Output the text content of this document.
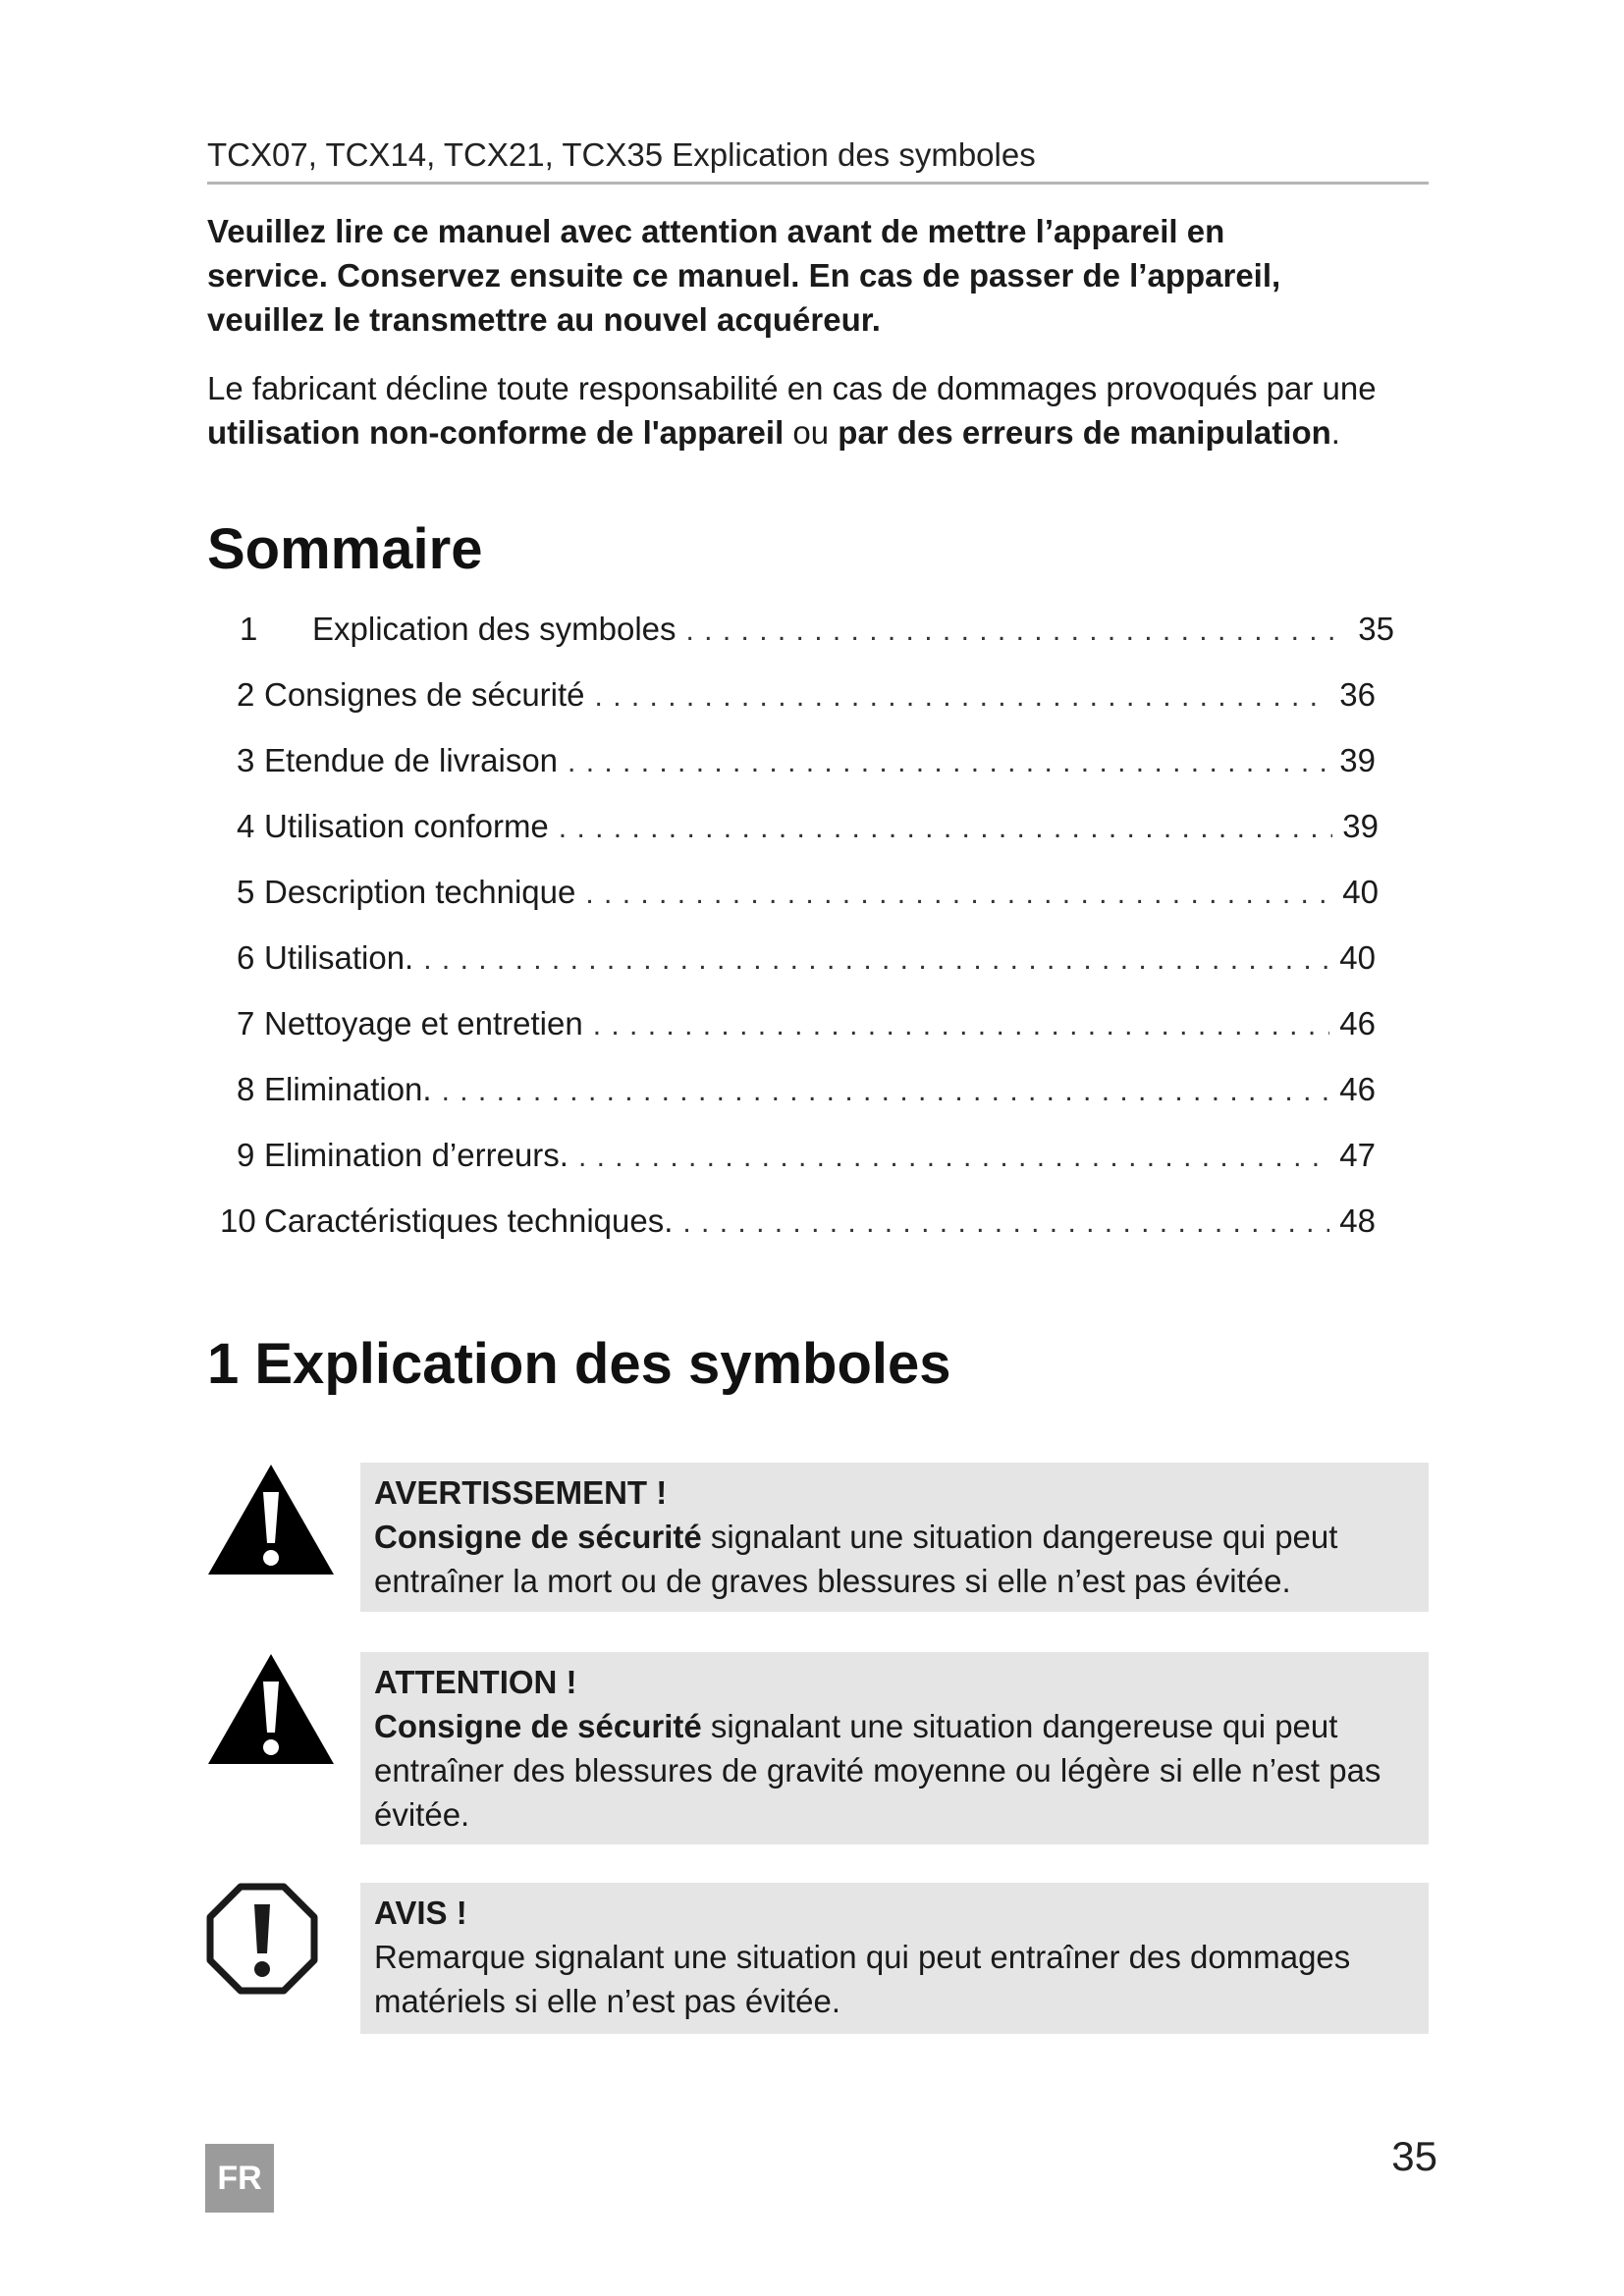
TCX07, TCX14, TCX21, TCX35 Explication des symboles
Veuillez lire ce manuel avec attention avant de mettre l’appareil en
service. Conservez ensuite ce manuel. En cas de passer de l’appareil,
veuillez le transmettre au nouvel acquéreur.
Le fabricant décline toute responsabilité en cas de dommages provoqués par une
utilisation non-conforme de l'appareil ou par des erreurs de manipulation.
Sommaire
1	Explication des symboles . . .	35
2 Consignes de sécurité . . .	36
3 Etendue de livraison . . .	39
4 Utilisation conforme . . .	39
5 Description technique . . .	40
6 Utilisation. . . .	40
7 Nettoyage et entretien . . .	46
8 Elimination. . . .	46
9 Elimination d’erreurs. . . .	47
10 Caractéristiques techniques. . . .	48
1 Explication des symboles
AVERTISSEMENT !
Consigne de sécurité signalant une situation dangereuse qui peut
entraîner la mort ou de graves blessures si elle n’est pas évitée.
ATTENTION !
Consigne de sécurité signalant une situation dangereuse qui peut
entraîner des blessures de gravité moyenne ou légère si elle n’est pas
évitée.
AVIS !
Remarque signalant une situation qui peut entraîner des dommages
matériels si elle n’est pas évitée.
FR	35
